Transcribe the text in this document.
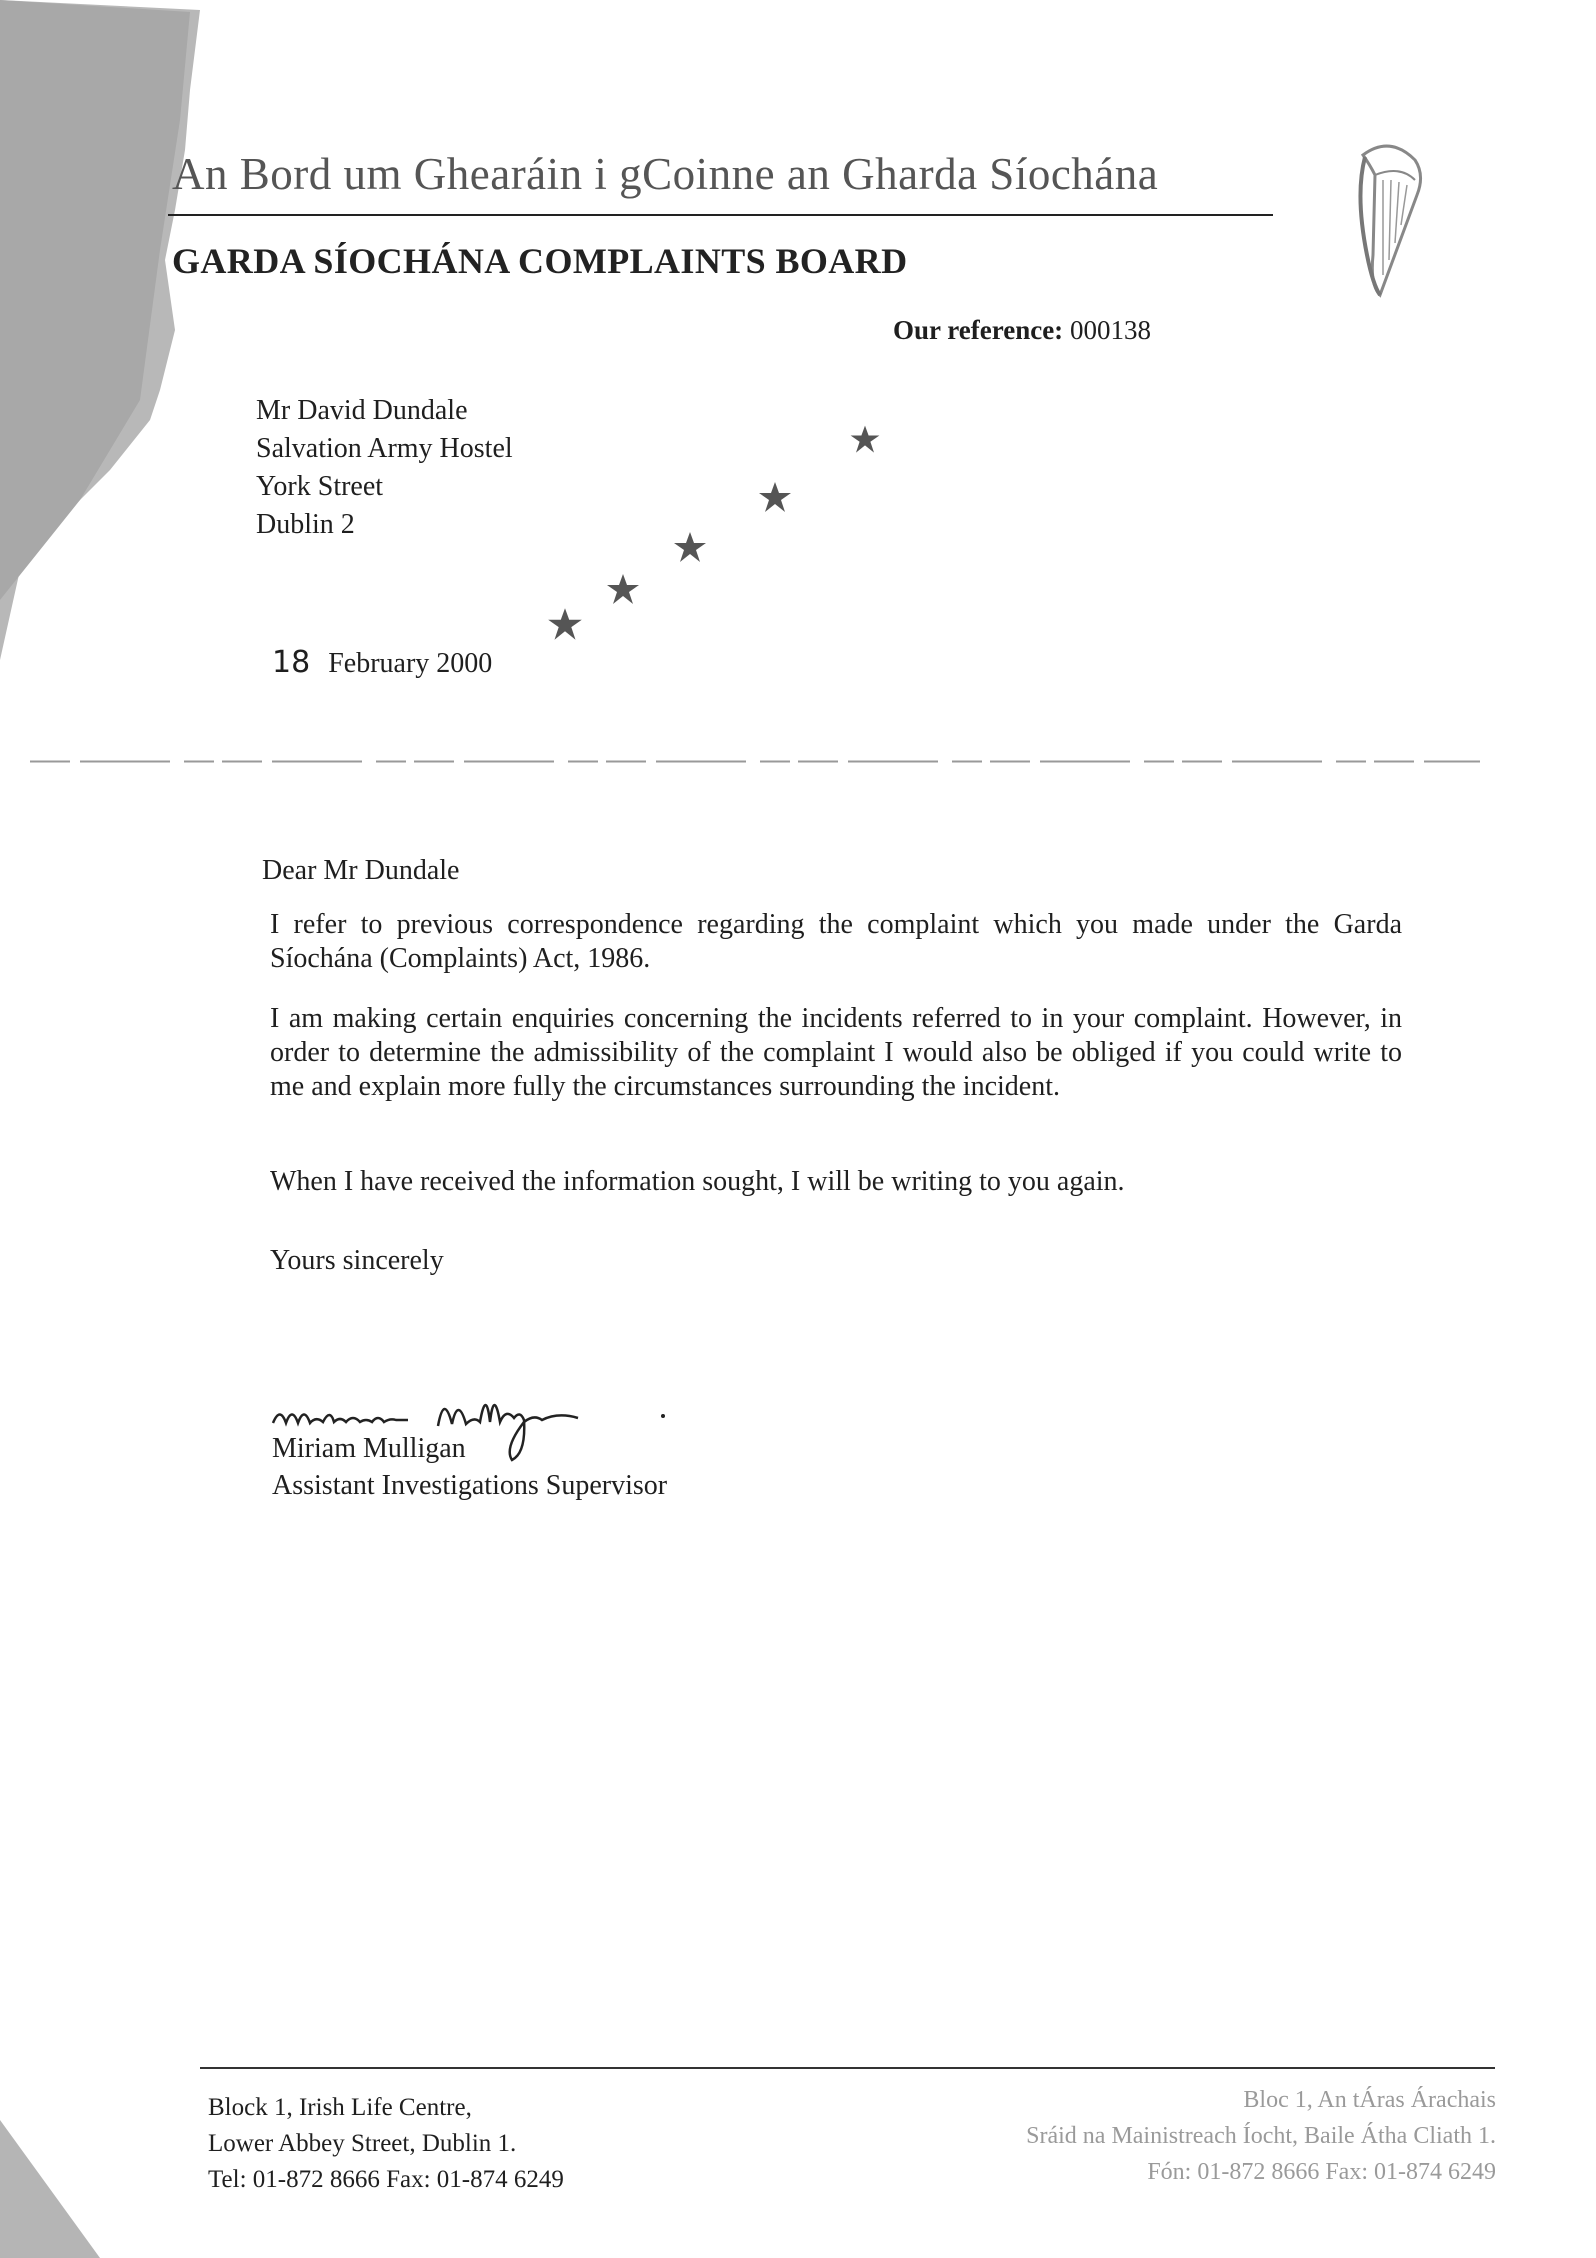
An Bord um Ghearáin i gCoinne an Gharda Síochána
GARDA SÍOCHÁNA COMPLAINTS BOARD
Our reference: 000138
Mr David Dundale
Salvation Army Hostel
York Street
Dublin 2
18 February 2000
Dear Mr Dundale
I refer to previous correspondence regarding the complaint which you made under the Garda Síochána (Complaints) Act, 1986.
I am making certain enquiries concerning the incidents referred to in your complaint. However, in order to determine the admissibility of the complaint I would also be obliged if you could write to me and explain more fully the circumstances surrounding the incident.
When I have received the information sought, I will be writing to you again.
Yours sincerely
Miriam Mulligan
Assistant Investigations Supervisor
Block 1, Irish Life Centre,
Lower Abbey Street, Dublin 1.
Tel: 01-872 8666 Fax: 01-874 6249
Bloc 1, An tÁras Árachais
Sráid na Mainistreach Íocht, Baile Átha Cliath 1.
Fón: 01-872 8666 Fax: 01-874 6249
